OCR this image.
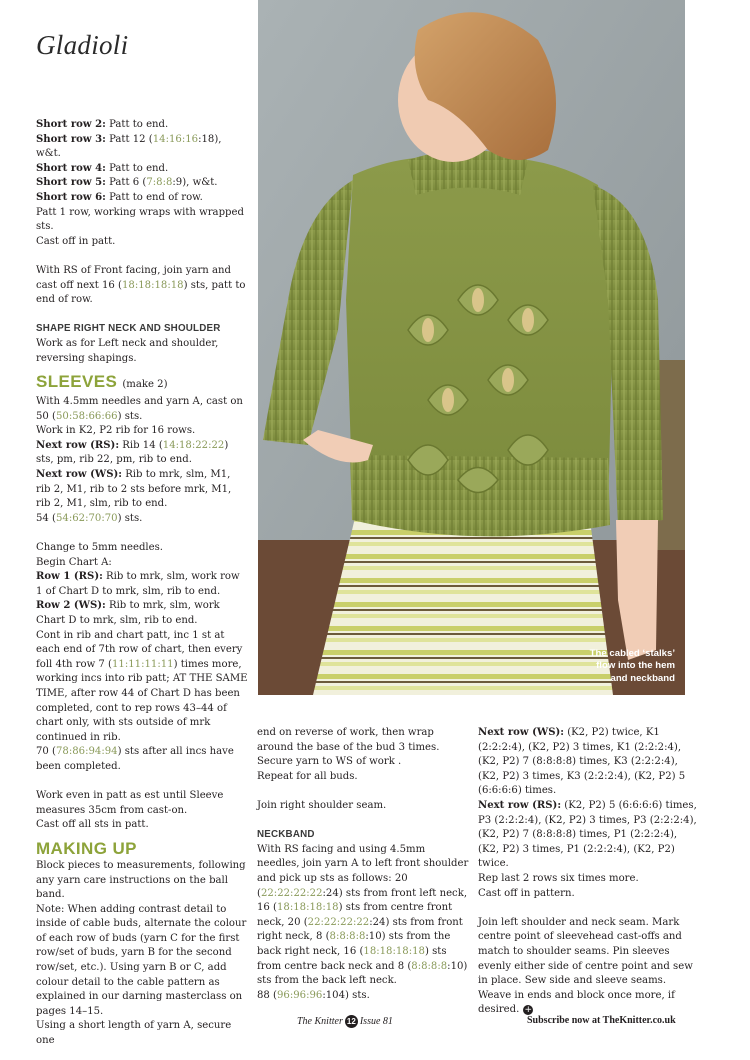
Gladioli

Short row 2: Patt to end.

Short row 3: Patt 12 (14:16:16:18), w&t.

Short row 4: Patt to end.

Short row 5: Patt 6 (7:8:8:9), w&t.

Short row 6: Patt to end of row.

Patt 1 row, working wraps with wrapped sts.

Cast off in patt.

With RS of Front facing, join yarn and cast off next 16 (18:18:18:18) sts, patt to end of row.

SHAPE RIGHT NECK AND SHOULDER

Work as for Left neck and shoulder, reversing shapings.

SLEEVES (make 2)

With 4.5mm needles and yarn A, cast on 50 (50:58:66:66) sts.

Work in K2, P2 rib for 16 rows.

Next row (RS): Rib 14 (14:18:22:22) sts, pm, rib 22, pm, rib to end.

Next row (WS): Rib to mrk, slm, M1, rib 2, M1, rib to 2 sts before mrk, M1, rib 2, M1, slm, rib to end.

54 (54:62:70:70) sts.

Change to 5mm needles.

Begin Chart A:

Row 1 (RS): Rib to mrk, slm, work row 1 of Chart D to mrk, slm, rib to end.

Row 2 (WS): Rib to mrk, slm, work Chart D to mrk, slm, rib to end.

Cont in rib and chart patt, inc 1 st at each end of 7th row of chart, then every foll 4th row 7 (11:11:11:11) times more, working incs into rib patt; AT THE SAME TIME, after row 44 of Chart D has been completed, cont to rep rows 43–44 of chart only, with sts outside of mrk continued in rib.

70 (78:86:94:94) sts after all incs have been completed.

Work even in patt as est until Sleeve measures 35cm from cast-on.

Cast off all sts in patt.

MAKING UP

Block pieces to measurements, following any yarn care instructions on the ball band.

Note: When adding contrast detail to inside of cable buds, alternate the colour of each row of buds (yarn C for the first row/set of buds, yarn B for the second row/set, etc.). Using yarn B or C, add colour detail to the cable pattern as explained in our darning masterclass on pages 14–15.

Using a short length of yarn A, secure one

The cabled ‘stalks’
flow into the hem
and neckband

end on reverse of work, then wrap around the base of the bud 3 times.

Secure yarn to WS of work .

Repeat for all buds.

Join right shoulder seam.

NECKBAND

With RS facing and using 4.5mm needles, join yarn A to left front shoulder and pick up sts as follows: 20 (22:22:22:22:24) sts from front left neck, 16 (18:18:18:18) sts from centre front neck, 20 (22:22:22:22:24) sts from front right neck, 8 (8:8:8:8:10) sts from the back right neck, 16 (18:18:18:18) sts from centre back neck and 8 (8:8:8:8:10) sts from the back left neck.

88 (96:96:96:104) sts.

Next row (WS): (K2, P2) twice, K1 (2:2:2:4), (K2, P2) 3 times, K1 (2:2:2:4), (K2, P2) 7 (8:8:8:8) times, K3 (2:2:2:4), (K2, P2) 3 times, K3 (2:2:2:4), (K2, P2) 5 (6:6:6:6) times.

Next row (RS): (K2, P2) 5 (6:6:6:6) times, P3 (2:2:2:4), (K2, P2) 3 times, P3 (2:2:2:4), (K2, P2) 7 (8:8:8:8) times, P1 (2:2:2:4), (K2, P2) 3 times, P1 (2:2:2:4), (K2, P2) twice.

Rep last 2 rows six times more.

Cast off in pattern.

Join left shoulder and neck seam. Mark centre point of sleevehead cast-offs and match to shoulder seams. Pin sleeves evenly either side of centre point and sew in place. Sew side and sleeve seams. Weave in ends and block once more, if desired. +

The Knitter 12 Issue 81	Subscribe now at TheKnitter.co.uk
